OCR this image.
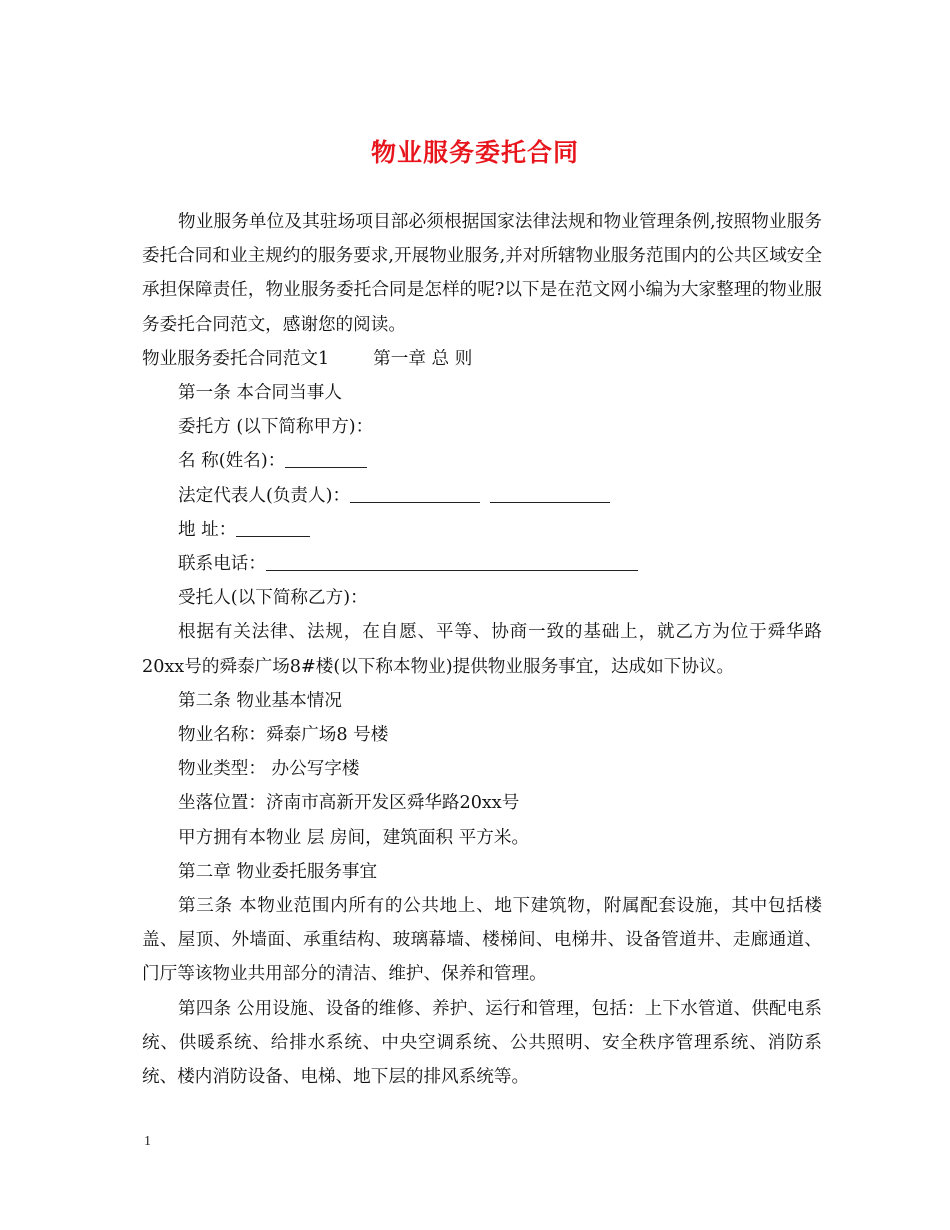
物业服务委托合同

物业服务单位及其驻场项目部必须根据国家法律法规和物业管理条例,按照物业服务委托合同和业主规约的服务要求,开展物业服务,并对所辖物业服务范围内的公共区域安全承担保障责任，物业服务委托合同是怎样的呢?以下是在范文网小编为大家整理的物业服务委托合同范文，感谢您的阅读。

物业服务委托合同范文1	第一章 总 则

第一条 本合同当事人

委托方 (以下简称甲方)：

名 称(姓名)：

法定代表人(负责人)：

地 址：

联系电话：

受托人(以下简称乙方)：

根据有关法律、法规，在自愿、平等、协商一致的基础上，就乙方为位于舜华路20xx号的舜泰广场8#楼(以下称本物业)提供物业服务事宜，达成如下协议。

第二条 物业基本情况

物业名称：舜泰广场8 号楼

物业类型： 办公写字楼

坐落位置：济南市高新开发区舜华路20xx号

甲方拥有本物业 层 房间，建筑面积 平方米。

第二章 物业委托服务事宜

第三条 本物业范围内所有的公共地上、地下建筑物，附属配套设施，其中包括楼盖、屋顶、外墙面、承重结构、玻璃幕墙、楼梯间、电梯井、设备管道井、走廊通道、门厅等该物业共用部分的清洁、维护、保养和管理。

第四条 公用设施、设备的维修、养护、运行和管理，包括：上下水管道、供配电系统、供暖系统、给排水系统、中央空调系统、公共照明、安全秩序管理系统、消防系统、楼内消防设备、电梯、地下层的排风系统等。

1
